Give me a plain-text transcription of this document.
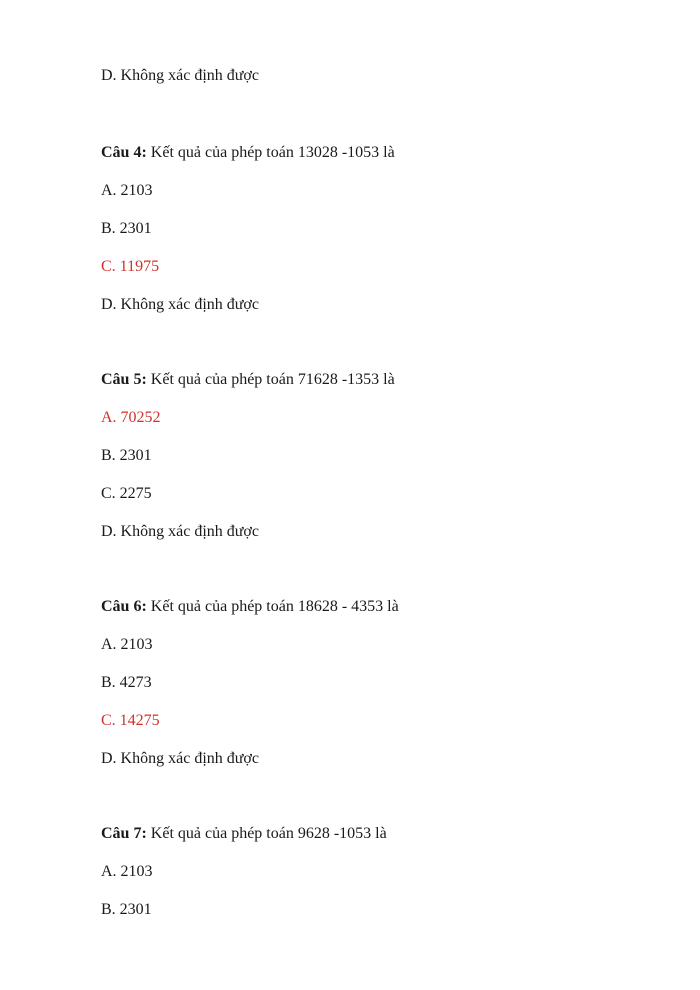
D. Không xác định được
Câu 4: Kết quả của phép toán 13028 -1053 là
A. 2103
B. 2301
C. 11975
D. Không xác định được
Câu 5: Kết quả của phép toán 71628 -1353 là
A. 70252
B. 2301
C. 2275
D. Không xác định được
Câu 6: Kết quả của phép toán 18628 - 4353 là
A. 2103
B. 4273
C. 14275
D. Không xác định được
Câu 7: Kết quả của phép toán 9628 -1053 là
A. 2103
B. 2301
